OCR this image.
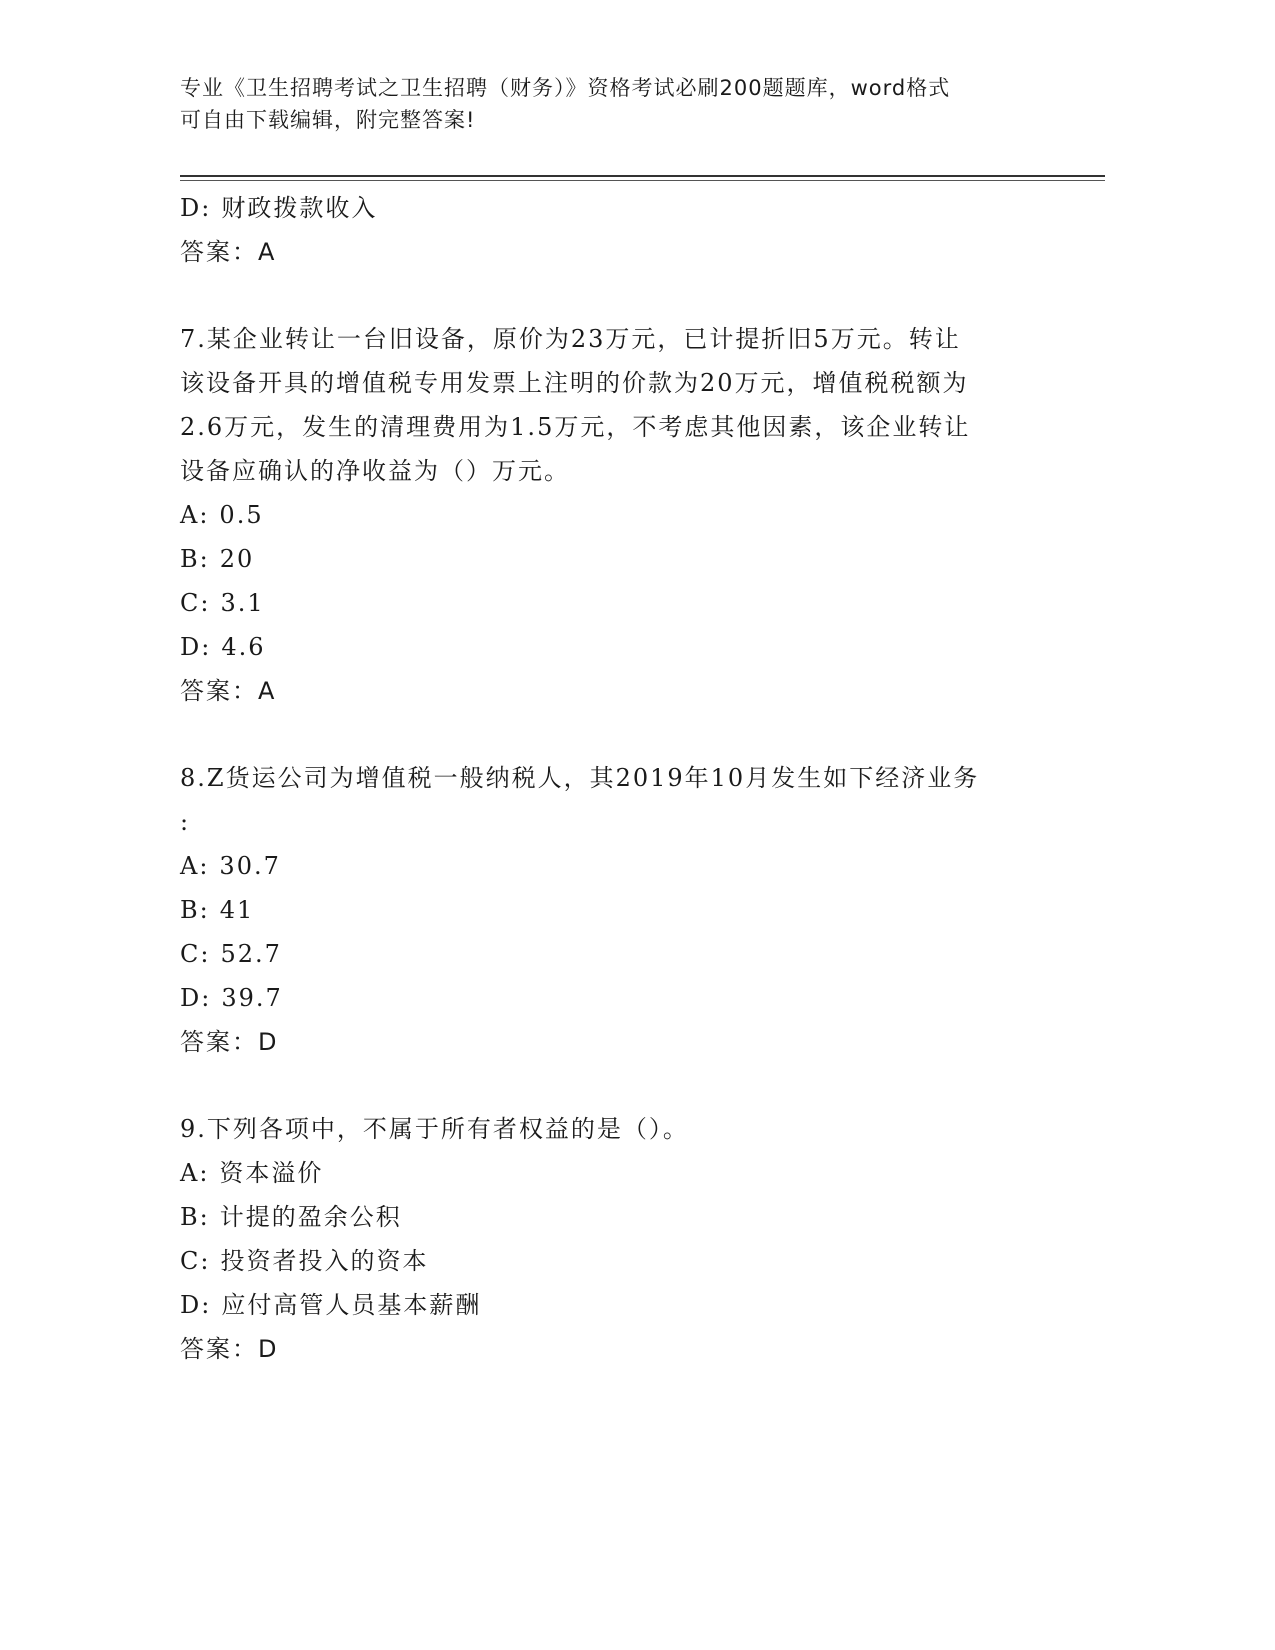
专业《卫生招聘考试之卫生招聘（财务）》资格考试必刷200题题库，word格式
可自由下载编辑，附完整答案!
D: 财政拨款收入
答案：A
7.某企业转让一台旧设备，原价为23万元，已计提折旧5万元。转让
该设备开具的增值税专用发票上注明的价款为20万元，增值税税额为
2.6万元，发生的清理费用为1.5万元，不考虑其他因素，该企业转让
设备应确认的净收益为（）万元。
A: 0.5
B: 20
C: 3.1
D: 4.6
答案：A
8.Z货运公司为增值税一般纳税人，其2019年10月发生如下经济业务
:
A: 30.7
B: 41
C: 52.7
D: 39.7
答案：D
9.下列各项中，不属于所有者权益的是（）。
A: 资本溢价
B: 计提的盈余公积
C: 投资者投入的资本
D: 应付高管人员基本薪酬
答案：D
